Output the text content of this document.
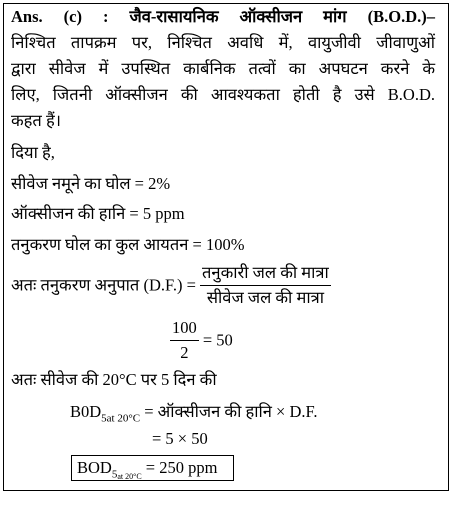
Ans. (c) : जैव-रासायनिक ऑक्सीजन मांग (B.O.D.)–
निश्चित तापक्रम पर, निश्चित अवधि में, वायुजीवी जीवाणुओं
द्वारा सीवेज में उपस्थित कार्बनिक तत्वों का अपघटन करने के
लिए, जितनी ऑक्सीजन की आवश्यकता होती है उसे B.O.D.
कहत हैं।
दिया है,
सीवेज नमूने का घोल = 2%
ऑक्सीजन की हानि = 5 ppm
तनुकरण घोल का कुल आयतन = 100%
अतः तनुकरण अनुपात $(D.F.) = \frac{\text{तनुकारी जल की मात्रा}}{\text{सीवेज जल की मात्रा}}$
$\frac{100}{2} = 50$
अतः सीवेज की 20°C पर 5 दिन की
$B0D_{5at 20^\circ C}$ = ऑक्सीजन की हानि × D.F.
= 5 × 50
$BOD_{5at 20^\circ C} = 250$ ppm
